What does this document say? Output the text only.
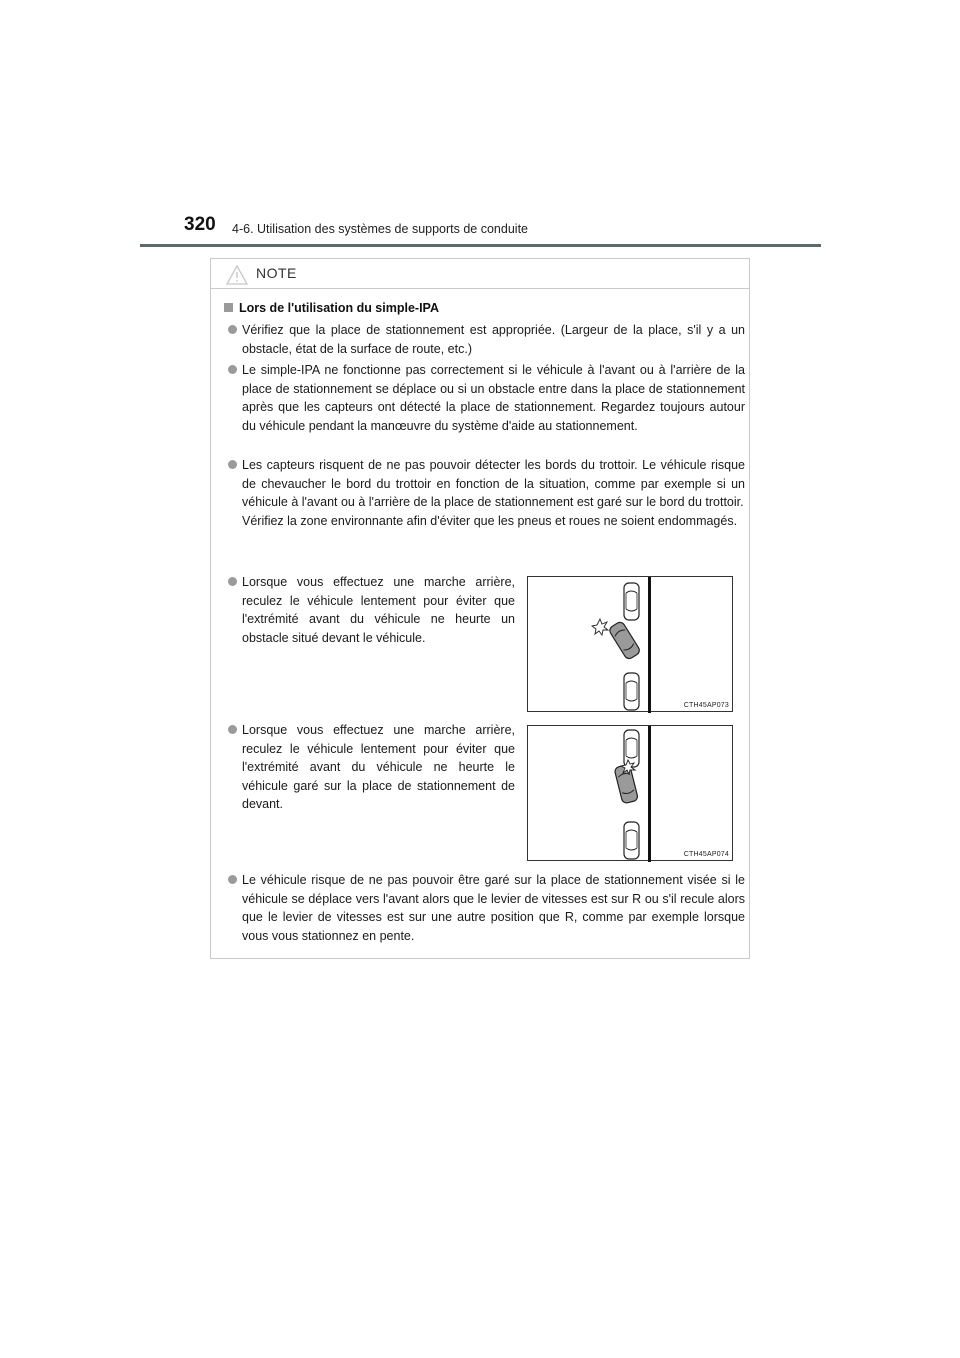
320 4-6. Utilisation des systèmes de supports de conduite
NOTE
Lors de l'utilisation du simple-IPA
Vérifiez que la place de stationnement est appropriée. (Largeur de la place, s'il y a un obstacle, état de la surface de route, etc.)
Le simple-IPA ne fonctionne pas correctement si le véhicule à l'avant ou à l'arrière de la place de stationnement se déplace ou si un obstacle entre dans la place de stationnement après que les capteurs ont détecté la place de stationnement. Regardez toujours autour du véhicule pendant la manœuvre du système d'aide au stationnement.
Les capteurs risquent de ne pas pouvoir détecter les bords du trottoir. Le véhicule risque de chevaucher le bord du trottoir en fonction de la situation, comme par exemple si un véhicule à l'avant ou à l'arrière de la place de stationnement est garé sur le bord du trottoir.
Vérifiez la zone environnante afin d'éviter que les pneus et roues ne soient endommagés.
Lorsque vous effectuez une marche arrière, reculez le véhicule lentement pour éviter que l'extrémité avant du véhicule ne heurte un obstacle situé devant le véhicule.
Lorsque vous effectuez une marche arrière, reculez le véhicule lentement pour éviter que l'extrémité avant du véhicule ne heurte le véhicule garé sur la place de stationnement de devant.
Le véhicule risque de ne pas pouvoir être garé sur la place de stationnement visée si le véhicule se déplace vers l'avant alors que le levier de vitesses est sur R ou s'il recule alors que le levier de vitesses est sur une autre position que R, comme par exemple lorsque vous vous stationnez en pente.
CTH45AP073
CTH45AP074
